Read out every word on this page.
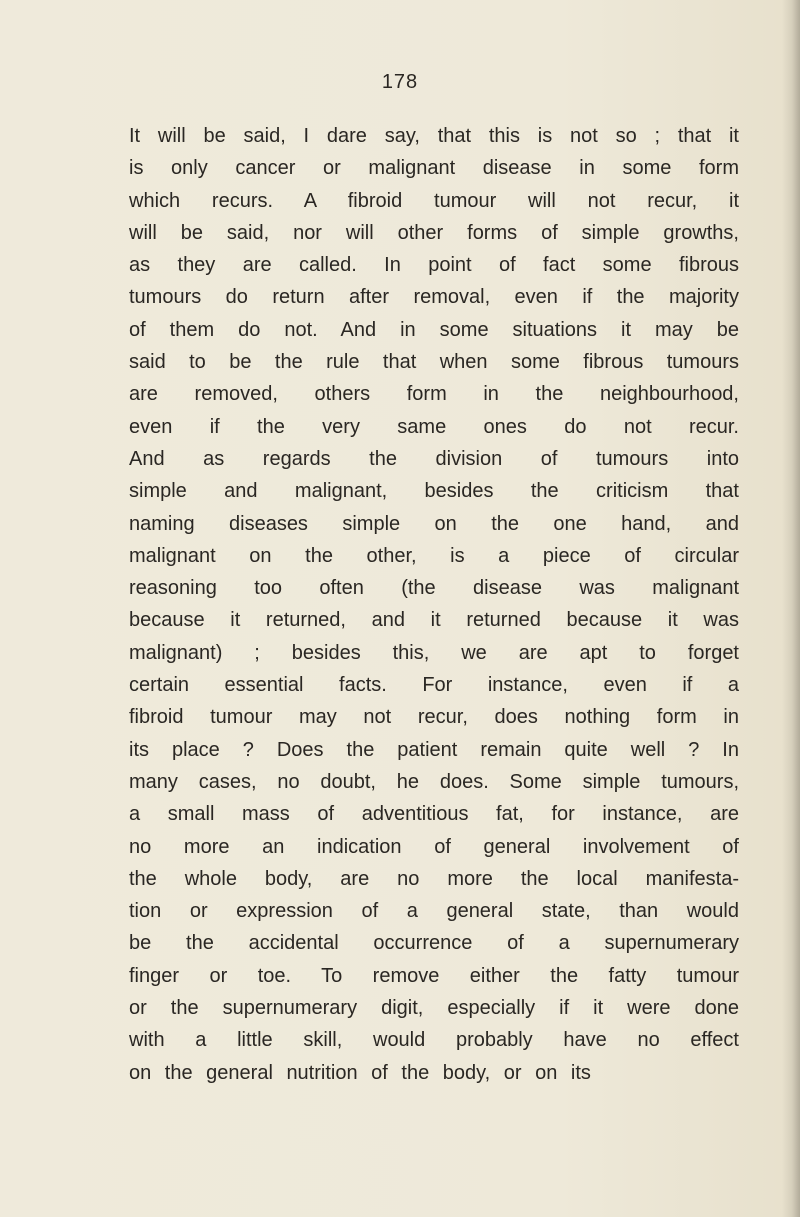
178
It will be said, I dare say, that this is not so ; that it
is only cancer or malignant disease in some form
which recurs. A fibroid tumour will not recur, it
will be said, nor will other forms of simple growths,
as they are called. In point of fact some fibrous
tumours do return after removal, even if the majority
of them do not. And in some situations it may be
said to be the rule that when some fibrous tumours
are removed, others form in the neighbourhood,
even if the very same ones do not recur.
And as regards the division of tumours into
simple and malignant, besides the criticism that
naming diseases simple on the one hand, and
malignant on the other, is a piece of circular
reasoning too often (the disease was malignant
because it returned, and it returned because it was
malignant) ; besides this, we are apt to forget
certain essential facts. For instance, even if a
fibroid tumour may not recur, does nothing form in
its place ? Does the patient remain quite well ? In
many cases, no doubt, he does. Some simple tumours,
a small mass of adventitious fat, for instance, are
no more an indication of general involvement of
the whole body, are no more the local manifesta-
tion or expression of a general state, than would
be the accidental occurrence of a supernumerary
finger or toe. To remove either the fatty tumour
or the supernumerary digit, especially if it were done
with a little skill, would probably have no effect
on the general nutrition of the body, or on its
